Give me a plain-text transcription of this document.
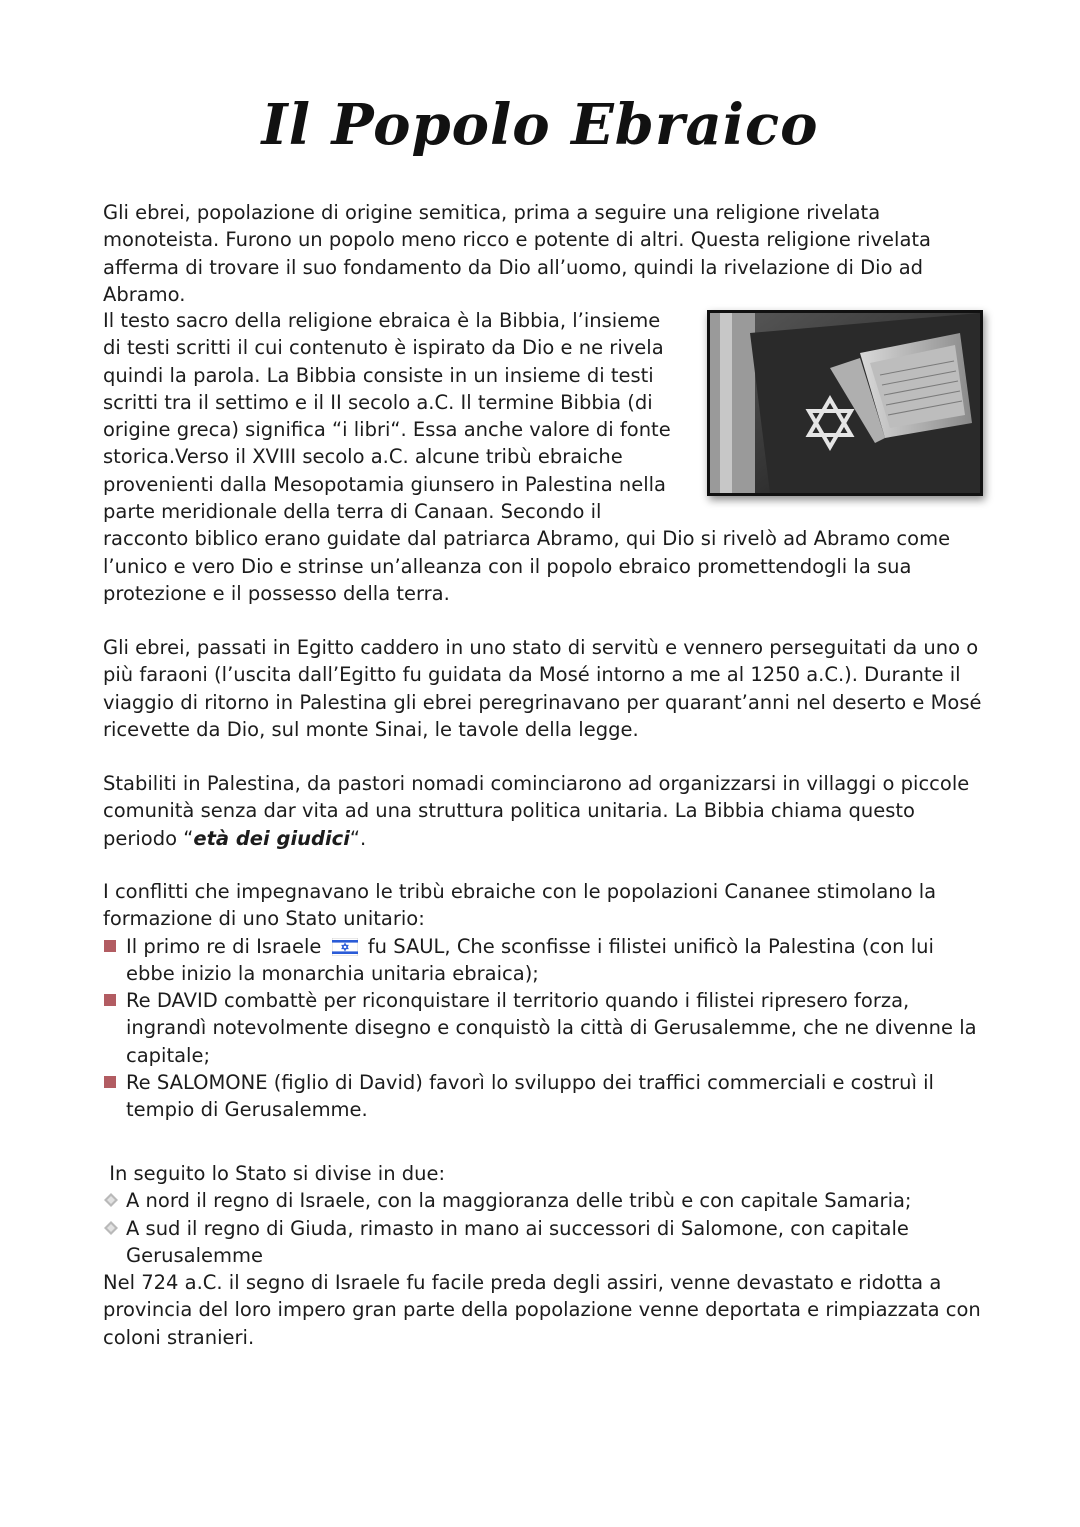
Il Popolo Ebraico

Gli ebrei, popolazione di origine semitica, prima a seguire una religione rivelata monoteista. Furono un popolo meno ricco e potente di altri. Questa religione rivelata afferma di trovare il suo fondamento da Dio all’uomo, quindi la rivelazione di Dio ad Abramo.

Il testo sacro della religione ebraica è la Bibbia, l’insieme di testi scritti il cui contenuto è ispirato da Dio e ne rivela quindi la parola. La Bibbia consiste in un insieme di testi scritti tra il settimo e il II secolo a.C. Il termine Bibbia (di origine greca) significa “i libri“. Essa anche valore di fonte storica.Verso il XVIII secolo a.C. alcune tribù ebraiche provenienti dalla Mesopotamia giunsero in Palestina nella parte meridionale della terra di Canaan. Secondo il racconto biblico erano guidate dal patriarca Abramo, qui Dio si rivelò ad Abramo come l’unico e vero Dio e strinse un’alleanza con il popolo ebraico promettendogli la sua protezione e il possesso della terra.

Gli ebrei, passati in Egitto caddero in uno stato di servitù e vennero perseguitati da uno o più faraoni (l’uscita dall’Egitto fu guidata da Mosé intorno a me al 1250 a.C.). Durante il viaggio di ritorno in Palestina gli ebrei peregrinavano per quarant’anni nel deserto e Mosé ricevette da Dio, sul monte Sinai, le tavole della legge.

Stabiliti in Palestina, da pastori nomadi cominciarono ad organizzarsi in villaggi o piccole comunità senza dar vita ad una struttura politica unitaria. La Bibbia chiama questo periodo “età dei giudici“.

I conflitti che impegnavano le tribù ebraiche con le popolazioni Cananee stimolano la formazione di uno Stato unitario:

Il primo re di Israele fu SAUL, Che sconfisse i filistei unificò la Palestina (con lui ebbe inizio la monarchia unitaria ebraica);
Re DAVID combattè per riconquistare il territorio quando i filistei ripresero forza, ingrandì notevolmente disegno e conquistò la città di Gerusalemme, che ne divenne la capitale;
Re SALOMONE (figlio di David) favorì lo sviluppo dei traffici commerciali e costruì il tempio di Gerusalemme.

In seguito lo Stato si divise in due:

A nord il regno di Israele, con la maggioranza delle tribù e con capitale Samaria;
A sud il regno di Giuda, rimasto in mano ai successori di Salomone, con capitale Gerusalemme

Nel 724 a.C. il segno di Israele fu facile preda degli assiri, venne devastato e ridotta a provincia del loro impero gran parte della popolazione venne deportata e rimpiazzata con coloni stranieri.
